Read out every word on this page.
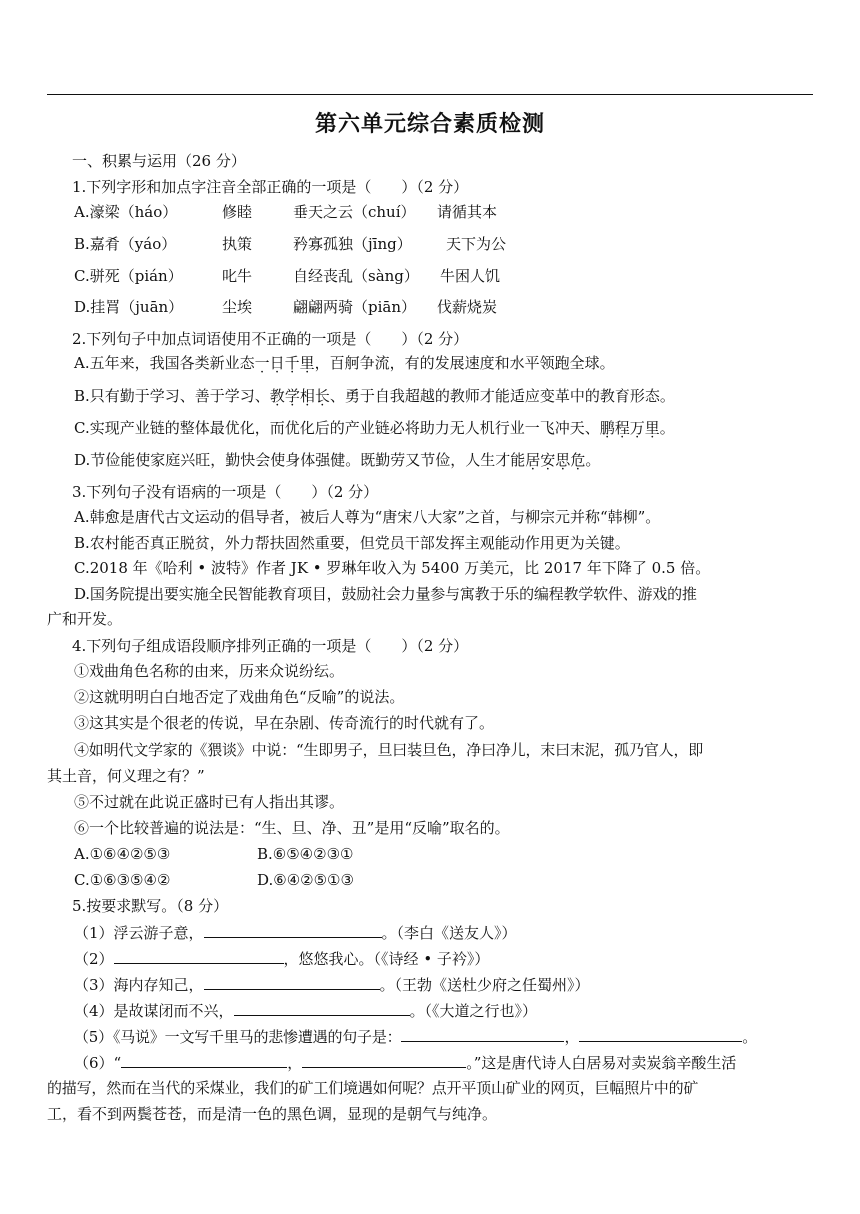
第六单元综合素质检测
一、积累与运用（26 分）
1.下列字形和加点字注音全部正确的一项是（　　）（2 分）
A.濠梁（háo）	修睦	垂天之云（chuí） 请循其本
B.嘉肴（yáo）	执策	矜寡孤独（jīng） 天下为公
C.骈死（pián）	叱牛	自经丧乱（sàng） 牛困人饥
D.挂罥（juān）	尘埃	翩翩两骑（piān） 伐薪烧炭
2.下列句子中加点词语使用不正确的一项是（　　）（2 分）
A.五年来，我国各类新业态一日千里，百舸争流，有的发展速度和水平领跑全球。
B.只有勤于学习、善于学习、教学相长、勇于自我超越的教师才能适应变革中的教育形态。
C.实现产业链的整体最优化，而优化后的产业链必将助力无人机行业一飞冲天、鹏程万里。
D.节俭能使家庭兴旺，勤快会使身体强健。既勤劳又节俭，人生才能居安思危。
3.下列句子没有语病的一项是（　　）（2 分）
A.韩愈是唐代古文运动的倡导者，被后人尊为“唐宋八大家”之首，与柳宗元并称“韩柳”。
B.农村能否真正脱贫，外力帮扶固然重要，但党员干部发挥主观能动作用更为关键。
C.2018 年《哈利 • 波特》作者 JK • 罗琳年收入为 5400 万美元，比 2017 年下降了 0.5 倍。
D.国务院提出要实施全民智能教育项目，鼓励社会力量参与寓教于乐的编程教学软件、游戏的推
广和开发。
4.下列句子组成语段顺序排列正确的一项是（　　）（2 分）
①戏曲角色名称的由来，历来众说纷纭。
②这就明明白白地否定了戏曲角色“反喻”的说法。
③这其实是个很老的传说，早在杂剧、传奇流行的时代就有了。
④如明代文学家的《猥谈》中说：“生即男子，旦曰装旦色，净曰净儿，末曰末泥，孤乃官人，即
其土音，何义理之有？”
⑤不过就在此说正盛时已有人指出其谬。
⑥一个比较普遍的说法是：“生、旦、净、丑”是用“反喻”取名的。
A.①⑥④②⑤③	B.⑥⑤④②③①
C.①⑥③⑤④②	D.⑥④②⑤①③
5.按要求默写。（8 分）
（1）浮云游子意，	。（李白《送友人》）
（2）	，悠悠我心。（《诗经 • 子衿》）
（3）海内存知己，	。（王勃《送杜少府之任蜀州》）
（4）是故谋闭而不兴，	。（《大道之行也》）
（5）《马说》一文写千里马的悲惨遭遇的句子是：	，	。
（6）“	，	。”这是唐代诗人白居易对卖炭翁辛酸生活
的描写，然而在当代的采煤业，我们的矿工们境遇如何呢？点开平顶山矿业的网页，巨幅照片中的矿
工，看不到两鬓苍苍，而是清一色的黑色调，显现的是朝气与纯净。
